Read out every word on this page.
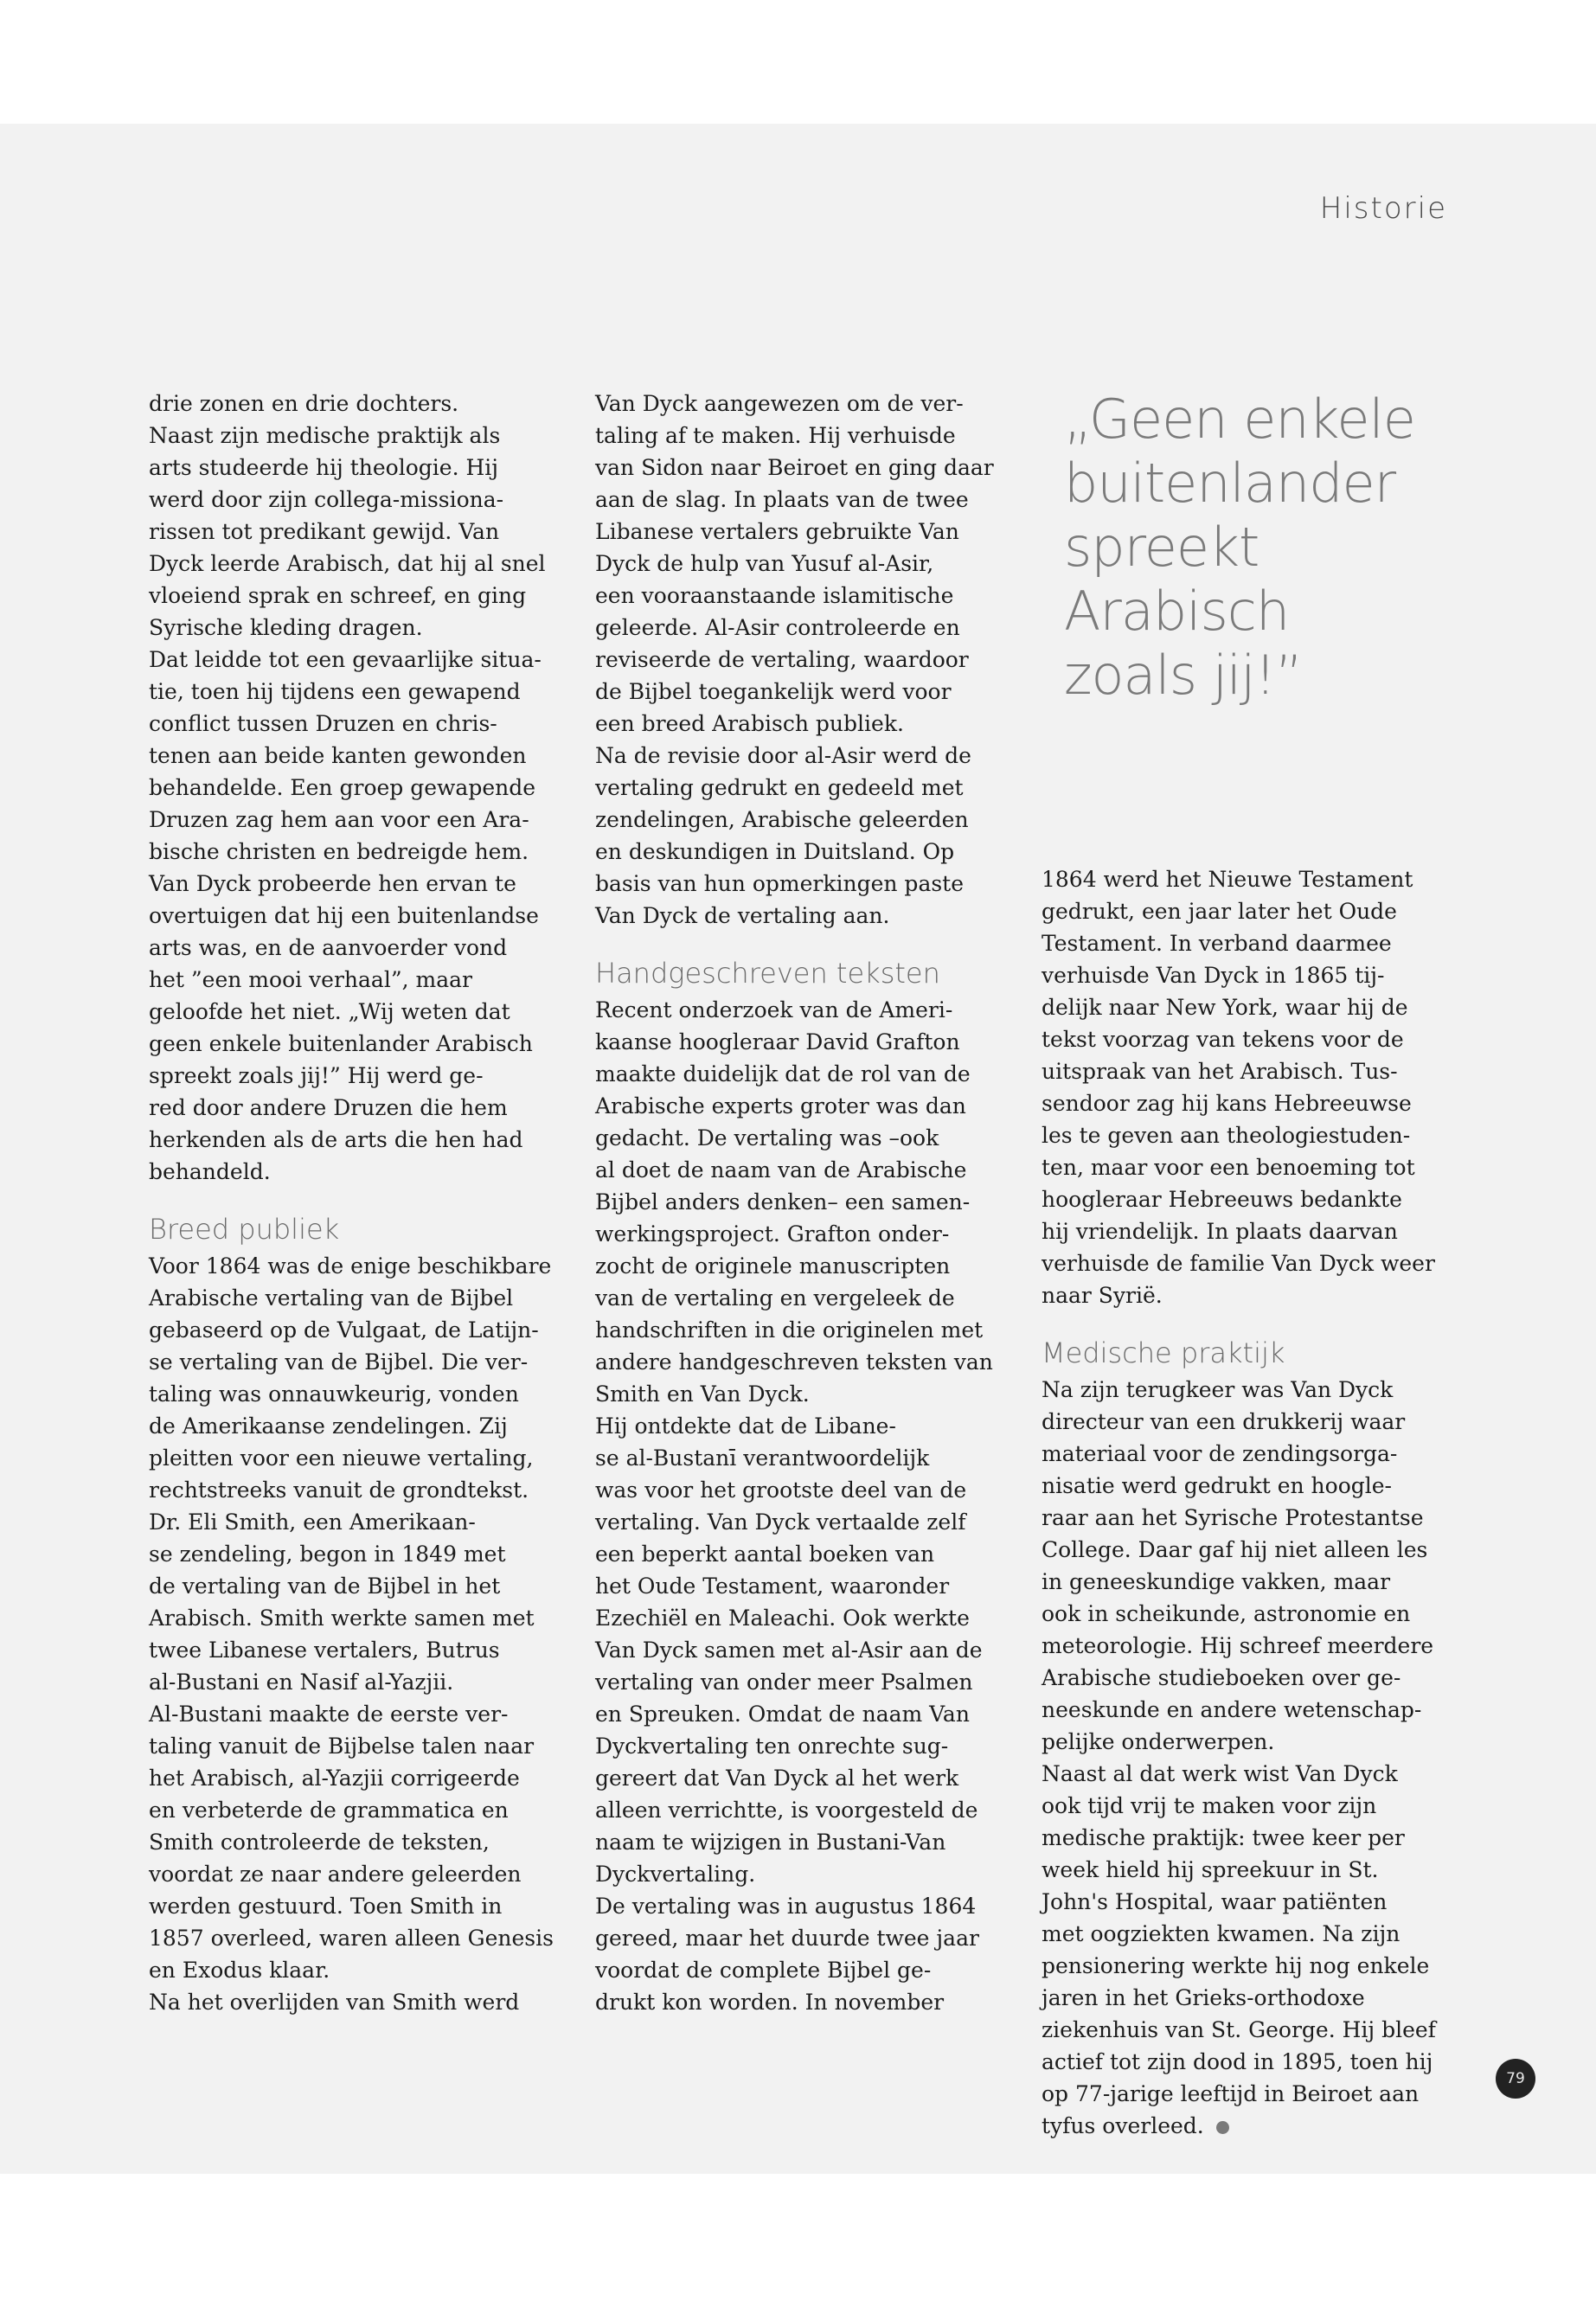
Historie

drie zonen en drie dochters.
Naast zijn medische praktijk als
arts studeerde hij theologie. Hij
werd door zijn collega-missiona-
rissen tot predikant gewijd. Van
Dyck leerde Arabisch, dat hij al snel
vloeiend sprak en schreef, en ging
Syrische kleding dragen.

Dat leidde tot een gevaarlijke situa-
tie, toen hij tijdens een gewapend
conflict tussen Druzen en chris-
tenen aan beide kanten gewonden
behandelde. Een groep gewapende
Druzen zag hem aan voor een Ara-
bische christen en bedreigde hem.
Van Dyck probeerde hen ervan te
overtuigen dat hij een buitenlandse
arts was, en de aanvoerder vond
het ”een mooi verhaal”, maar
geloofde het niet. „Wij weten dat
geen enkele buitenlander Arabisch
spreekt zoals jij!” Hij werd ge-
red door andere Druzen die hem
herkenden als de arts die hen had
behandeld.

Breed publiek

Voor 1864 was de enige beschikbare
Arabische vertaling van de Bijbel
gebaseerd op de Vulgaat, de Latijn-
se vertaling van de Bijbel. Die ver-
taling was onnauwkeurig, vonden
de Amerikaanse zendelingen. Zij
pleitten voor een nieuwe vertaling,
rechtstreeks vanuit de grondtekst.
Dr. Eli Smith, een Amerikaan-
se zendeling, begon in 1849 met
de vertaling van de Bijbel in het
Arabisch. Smith werkte samen met
twee Libanese vertalers, Butrus
al-Bustani en Nasif al-Yazjii.
Al-Bustani maakte de eerste ver-
taling vanuit de Bijbelse talen naar
het Arabisch, al-Yazjii corrigeerde
en verbeterde de grammatica en
Smith controleerde de teksten,
voordat ze naar andere geleerden
werden gestuurd. Toen Smith in
1857 overleed, waren alleen Genesis
en Exodus klaar.

Na het overlijden van Smith werd

Van Dyck aangewezen om de ver-
taling af te maken. Hij verhuisde
van Sidon naar Beiroet en ging daar
aan de slag. In plaats van de twee
Libanese vertalers gebruikte Van
Dyck de hulp van Yusuf al-Asir,
een vooraanstaande islamitische
geleerde. Al-Asir controleerde en
reviseerde de vertaling, waardoor
de Bijbel toegankelijk werd voor
een breed Arabisch publiek.

Na de revisie door al-Asir werd de
vertaling gedrukt en gedeeld met
zendelingen, Arabische geleerden
en deskundigen in Duitsland. Op
basis van hun opmerkingen paste
Van Dyck de vertaling aan.

Handgeschreven teksten

Recent onderzoek van de Ameri-
kaanse hoogleraar David Grafton
maakte duidelijk dat de rol van de
Arabische experts groter was dan
gedacht. De vertaling was –ook
al doet de naam van de Arabische
Bijbel anders denken– een samen-
werkingsproject. Grafton onder-
zocht de originele manuscripten
van de vertaling en vergeleek de
handschriften in die originelen met
andere handgeschreven teksten van
Smith en Van Dyck.

Hij ontdekte dat de Libane-
se al-Bustanī verantwoordelijk
was voor het grootste deel van de
vertaling. Van Dyck vertaalde zelf
een beperkt aantal boeken van
het Oude Testament, waaronder
Ezechiël en Maleachi. Ook werkte
Van Dyck samen met al-Asir aan de
vertaling van onder meer Psalmen
en Spreuken. Omdat de naam Van
Dyckvertaling ten onrechte sug-
gereert dat Van Dyck al het werk
alleen verrichtte, is voorgesteld de
naam te wijzigen in Bustani-Van
Dyckvertaling.

De vertaling was in augustus 1864
gereed, maar het duurde twee jaar
voordat de complete Bijbel ge-
drukt kon worden. In november

„Geen enkele
buitenlander
spreekt
Arabisch
zoals jij!”

1864 werd het Nieuwe Testament
gedrukt, een jaar later het Oude
Testament. In verband daarmee
verhuisde Van Dyck in 1865 tij-
delijk naar New York, waar hij de
tekst voorzag van tekens voor de
uitspraak van het Arabisch. Tus-
sendoor zag hij kans Hebreeuwse
les te geven aan theologiestuden-
ten, maar voor een benoeming tot
hoogleraar Hebreeuws bedankte
hij vriendelijk. In plaats daarvan
verhuisde de familie Van Dyck weer
naar Syrië.

Medische praktijk

Na zijn terugkeer was Van Dyck
directeur van een drukkerij waar
materiaal voor de zendingsorga-
nisatie werd gedrukt en hoogle-
raar aan het Syrische Protestantse
College. Daar gaf hij niet alleen les
in geneeskundige vakken, maar
ook in scheikunde, astronomie en
meteorologie. Hij schreef meerdere
Arabische studieboeken over ge-
neeskunde en andere wetenschap-
pelijke onderwerpen.

Naast al dat werk wist Van Dyck
ook tijd vrij te maken voor zijn
medische praktijk: twee keer per
week hield hij spreekuur in St.
John's Hospital, waar patiënten
met oogziekten kwamen. Na zijn
pensionering werkte hij nog enkele
jaren in het Grieks-orthodoxe
ziekenhuis van St. George. Hij bleef
actief tot zijn dood in 1895, toen hij
op 77-jarige leeftijd in Beiroet aan
tyfus overleed.

79
